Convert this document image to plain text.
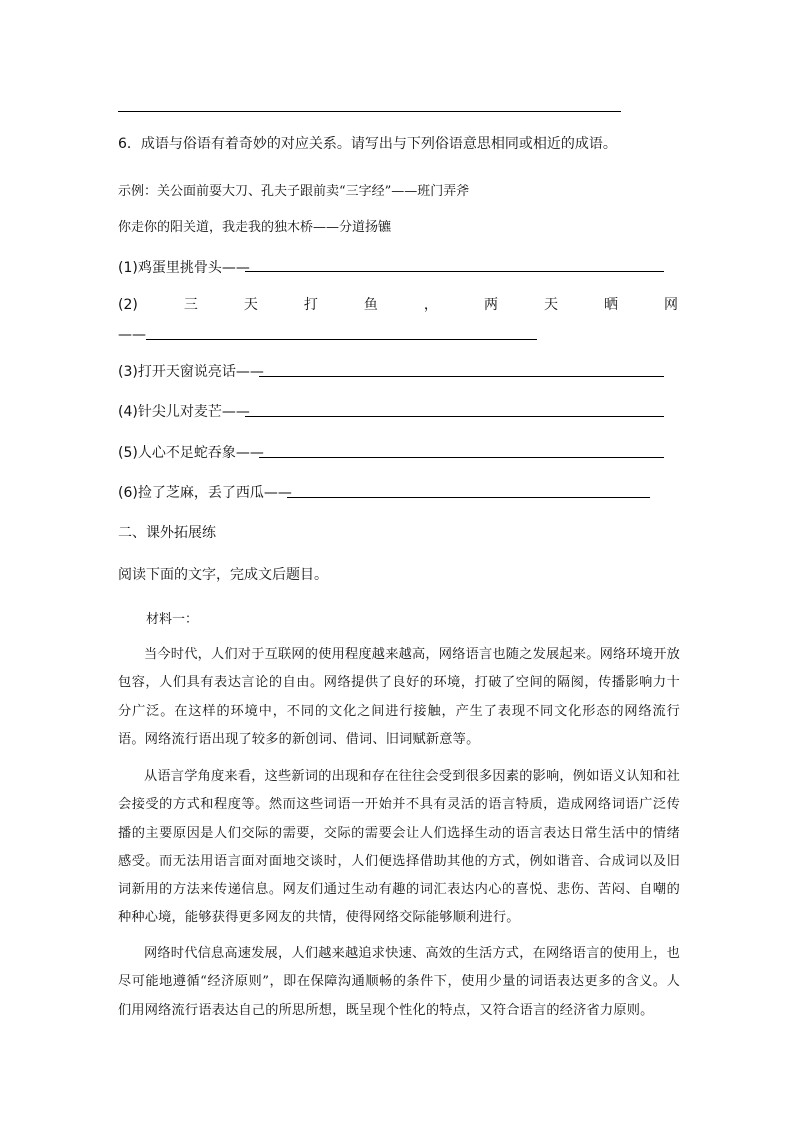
6．成语与俗语有着奇妙的对应关系。请写出与下列俗语意思相同或相近的成语。
示例：关公面前耍大刀、孔夫子跟前卖“三字经”——班门弄斧
你走你的阳关道，我走我的独木桥——分道扬镳
(1)鸡蛋里挑骨头——
(2)	三	天	打	鱼	，	两	天	晒	网
——
(3)打开天窗说亮话——
(4)针尖儿对麦芒——
(5)人心不足蛇吞象——
(6)捡了芝麻，丢了西瓜——
二、课外拓展练
阅读下面的文字，完成文后题目。
材料一：
当今时代，人们对于互联网的使用程度越来越高，网络语言也随之发展起来。网络环境开放包容，人们具有表达言论的自由。网络提供了良好的环境，打破了空间的隔阂，传播影响力十分广泛。在这样的环境中，不同的文化之间进行接触，产生了表现不同文化形态的网络流行语。网络流行语出现了较多的新创词、借词、旧词赋新意等。
从语言学角度来看，这些新词的出现和存在往往会受到很多因素的影响，例如语义认知和社会接受的方式和程度等。然而这些词语一开始并不具有灵活的语言特质，造成网络词语广泛传播的主要原因是人们交际的需要，交际的需要会让人们选择生动的语言表达日常生活中的情绪感受。而无法用语言面对面地交谈时，人们便选择借助其他的方式，例如谐音、合成词以及旧词新用的方法来传递信息。网友们通过生动有趣的词汇表达内心的喜悦、悲伤、苦闷、自嘲的种种心境，能够获得更多网友的共情，使得网络交际能够顺利进行。
网络时代信息高速发展，人们越来越追求快速、高效的生活方式，在网络语言的使用上，也尽可能地遵循“经济原则”，即在保障沟通顺畅的条件下，使用少量的词语表达更多的含义。人们用网络流行语表达自己的所思所想，既呈现个性化的特点，又符合语言的经济省力原则。
